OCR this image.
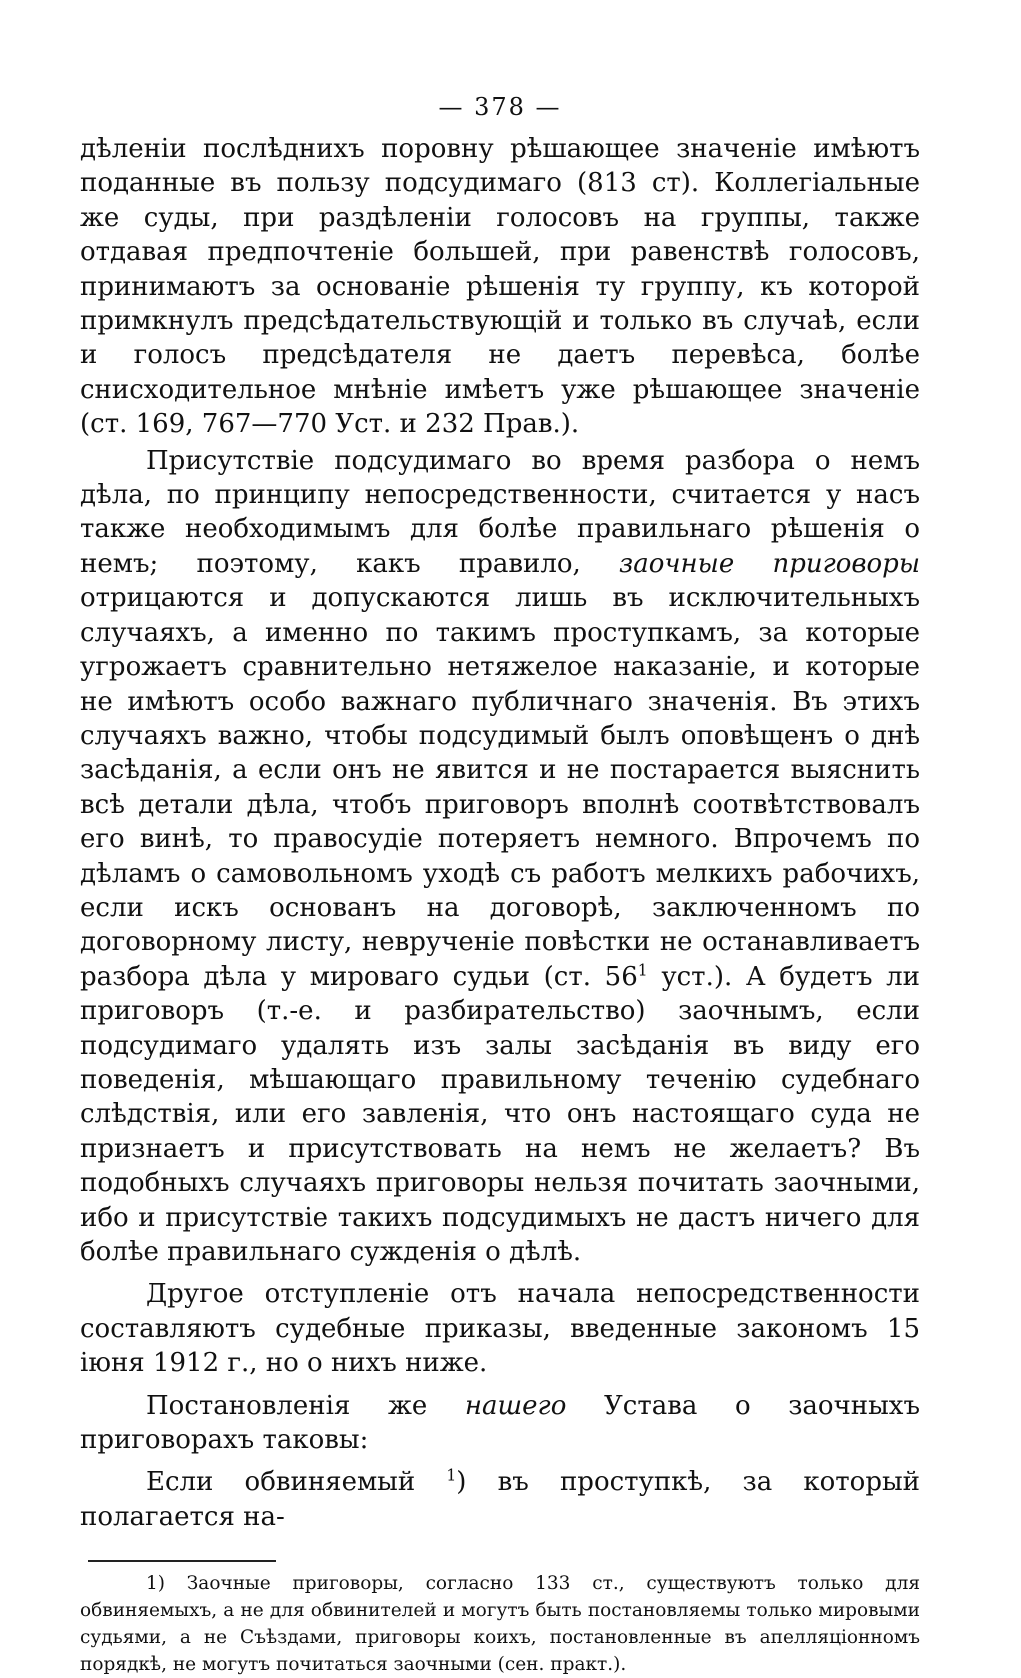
— 378 —

дѣленіи послѣднихъ поровну рѣшающее значеніе имѣютъ поданные въ пользу подсудимаго (813 ст). Коллегіальные же суды, при раздѣленіи голосовъ на группы, также отдавая предпочтеніе большей, при равенствѣ голосовъ, принимаютъ за основаніе рѣшенія ту группу, къ которой примкнулъ предсѣдательствующій и только въ случаѣ, если и голосъ предсѣдателя не даетъ перевѣса, болѣе снисходительное мнѣніе имѣетъ уже рѣшающее значеніе (ст. 169, 767—770 Уст. и 232 Прав.).

Присутствіе подсудимаго во время разбора о немъ дѣла, по принципу непосредственности, считается у насъ также необходимымъ для болѣе правильнаго рѣшенія о немъ; поэтому, какъ правило, заочные приговоры отрицаются и допускаются лишь въ исключительныхъ случаяхъ, а именно по такимъ проступкамъ, за которые угрожаетъ сравнительно нетяжелое наказаніе, и которые не имѣютъ особо важнаго публичнаго значенія. Въ этихъ случаяхъ важно, чтобы подсудимый былъ оповѣщенъ о днѣ засѣданія, а если онъ не явится и не постарается выяснить всѣ детали дѣла, чтобъ приговоръ вполнѣ соотвѣтствовалъ его винѣ, то правосудіе потеряетъ немного. Впрочемъ по дѣламъ о самовольномъ уходѣ съ работъ мелкихъ рабочихъ, если искъ основанъ на договорѣ, заключенномъ по договорному листу, неврученіе повѣстки не останавливаетъ разбора дѣла у мироваго судьи (ст. $56^1$ уст.). А будетъ ли приговоръ (т.-е. и разбирательство) заочнымъ, если подсудимаго удалять изъ залы засѣданія въ виду его поведенія, мѣшающаго правильному теченію судебнаго слѣдствія, или его завленія, что онъ настоящаго суда не признаетъ и присутствовать на немъ не желаетъ? Въ подобныхъ случаяхъ приговоры нельзя почитать заочными, ибо и присутствіе такихъ подсудимыхъ не дастъ ничего для болѣе правильнаго сужденія о дѣлѣ.

Другое отступленіе отъ начала непосредственности составляютъ судебные приказы, введенные закономъ 15 іюня 1912 г., но о нихъ ниже.

Постановленія же нашего Устава о заочныхъ приговорахъ таковы:

Если обвиняемый $^1$) въ проступкѣ, за который полагается на-

1) Заочные приговоры, согласно 133 ст., существуютъ только для обвиняемыхъ, а не для обвинителей и могутъ быть постановляемы только мировыми судьями, а не Съѣздами, приговоры коихъ, постановленные въ апелляціонномъ порядкѣ, не могутъ почитаться заочными (сен. практ.).
